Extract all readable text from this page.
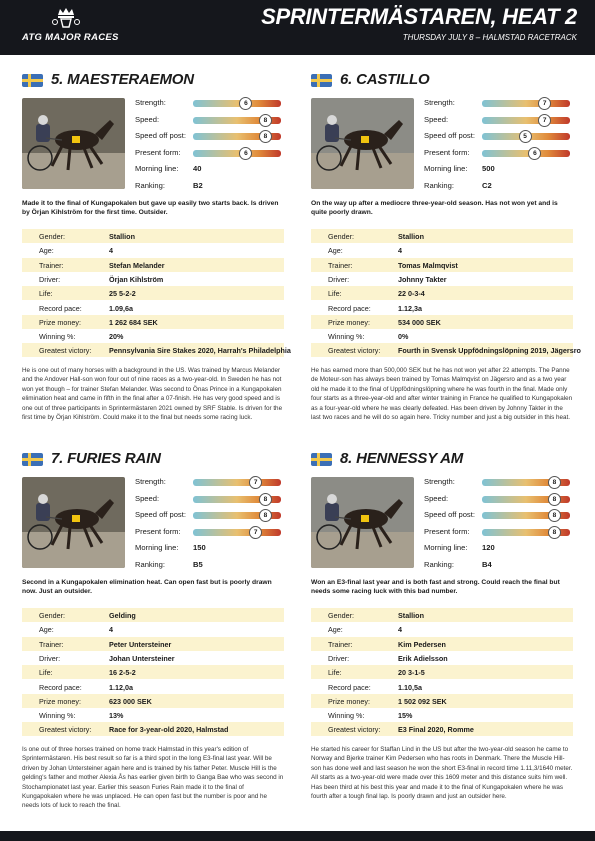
ATG MAJOR RACES
SPRINTERMÄSTAREN, HEAT 2
THURSDAY JULY 8 – HALMSTAD RACETRACK
5. MAESTERAEMON
Strength:	6
Speed:	8
Speed off post:	8
Present form:	6
Morning line: 40
Ranking:	B2
Made it to the final of Kungapokalen but gave up easily two starts back. Is driven by Örjan Kihlström for the first time. Outsider.
Gender:	Stallion
Age:	4
Trainer:	Stefan Melander
Driver:	Örjan Kihlström
Life:	25 5-2-2
Record pace:	1.09,6a
Prize money:	1 262 684 SEK
Winning %:	20%
Greatest victory: Pennsylvania Sire Stakes 2020, Harrah's Philadelphia
He is one out of many horses with a background in the US. Was trained by Marcus Melander and the Andover Hall-son won four out of nine races as a two-year-old. In Sweden he has not won yet though – for trainer Stefan Melander. Was second to Önas Prince in a Kungapokalen elimination heat and came in fifth in the final after a 07-finish. He has very good speed and is one out of three participants in Sprintermästaren 2021 owned by SRF Stable. Is driven for the first time by Örjan Kihlström. Could make it to the final but needs some racing luck.
6. CASTILLO
Strength:	7
Speed:	7
Speed off post:	5
Present form:	6
Morning line: 500
Ranking:	C2
On the way up after a mediocre three-year-old season. Has not won yet and is quite poorly drawn.
Gender:	Stallion
Age:	4
Trainer:	Tomas Malmqvist
Driver:	Johnny Takter
Life:	22 0-3-4
Record pace:	1.12,3a
Prize money:	534 000 SEK
Winning %:	0%
Greatest victory: Fourth in Svensk Uppfödningslöpning 2019, Jägersro
He has earned more than 500,000 SEK but he has not won yet after 22 attempts. The Panne de Moteur-son has always been trained by Tomas Malmqvist on Jägersro and as a two year old he made it to the final of Uppfödningslöpning where he was fourth in the final. Made only four starts as a three-year-old and after winter training in France he qualified to Kungapokalen as a four-year-old where he was clearly defeated. Has been driven by Johnny Takter in the last two races and he will do so again here. Tricky number and just a big outsider in this heat.
7. FURIES RAIN
Strength:	7
Speed:	8
Speed off post:	8
Present form:	7
Morning line: 150
Ranking:	B5
Second in a Kungapokalen elimination heat. Can open fast but is poorly drawn now. Just an outsider.
Gender:	Gelding
Age:	4
Trainer:	Peter Untersteiner
Driver:	Johan Untersteiner
Life:	16 2-5-2
Record pace:	1.12,0a
Prize money:	623 000 SEK
Winning %:	13%
Greatest victory: Race for 3-year-old 2020, Halmstad
Is one out of three horses trained on home track Halmstad in this year's edition of Sprintermästaren. His best result so far is a third spot in the long E3-final last year. Will be driven by Johan Untersteiner again here and is trained by his father Peter. Muscle Hill is the gelding's father and mother Alexia Ås has earlier given birth to Ganga Bae who was second in Stochampionatet last year. Earlier this season Furies Rain made it to the final of Kungapokalen where he was unplaced. He can open fast but the number is poor and he needs lots of luck to reach the final.
8. HENNESSY AM
Strength:	8
Speed:	8
Speed off post:	8
Present form:	8
Morning line: 120
Ranking:	B4
Won an E3-final last year and is both fast and strong. Could reach the final but needs some racing luck with this bad number.
Gender:	Stallion
Age:	4
Trainer:	Kim Pedersen
Driver:	Erik Adielsson
Life:	20 3-1-5
Record pace:	1.10,5a
Prize money:	1 502 092 SEK
Winning %:	15%
Greatest victory: E3 Final 2020, Romme
He started his career for Staffan Lind in the US but after the two-year-old season he came to Norway and Bjerke trainer Kim Pedersen who has roots in Denmark. There the Muscle Hill-son has done well and last season he won the short E3-final in record time 1.11,3/1640 meter. All starts as a two-year-old were made over this 1609 meter and this distance suits him well. Has been third at his best this year and made it to the final of Kungapokalen where he was fourth after a tough final lap. Is poorly drawn and just an outsider here.
